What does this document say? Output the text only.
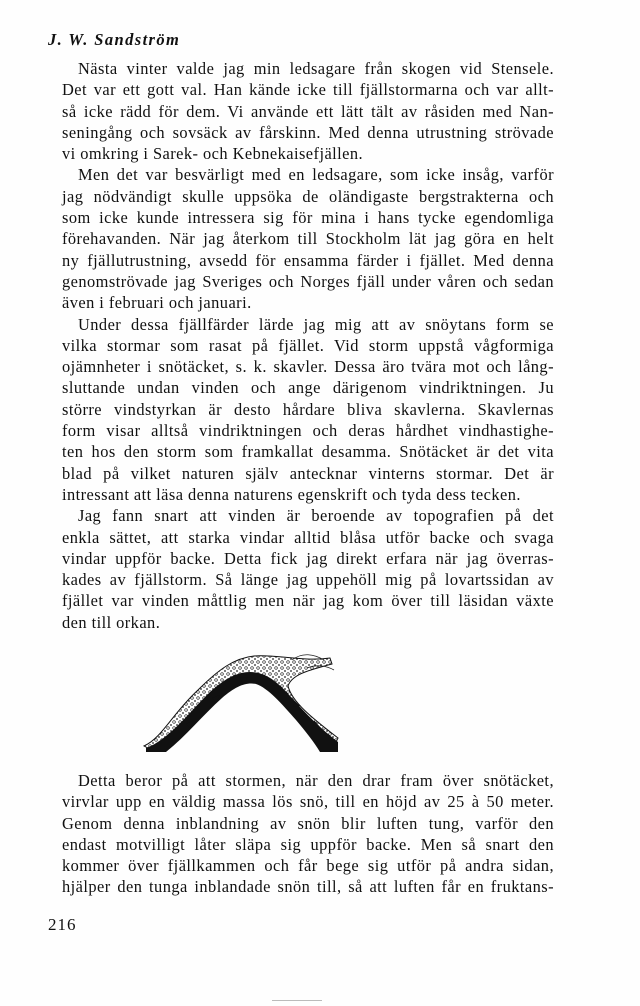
J. W. Sandström
Nästa vinter valde jag min ledsagare från skogen vid Stensele.
Det var ett gott val. Han kände icke till fjällstormarna och var allt-
så icke rädd för dem. Vi använde ett lätt tält av råsiden med Nan-
seningång och sovsäck av fårskinn. Med denna utrustning strövade
vi omkring i Sarek- och Kebnekaisefjällen.
Men det var besvärligt med en ledsagare, som icke insåg, varför
jag nödvändigt skulle uppsöka de oländigaste bergstrakterna och
som icke kunde intressera sig för mina i hans tycke egendomliga
förehavanden. När jag återkom till Stockholm lät jag göra en helt
ny fjällutrustning, avsedd för ensamma färder i fjället. Med denna
genomströvade jag Sveriges och Norges fjäll under våren och sedan
även i februari och januari.
Under dessa fjällfärder lärde jag mig att av snöytans form se
vilka stormar som rasat på fjället. Vid storm uppstå vågformiga
ojämnheter i snötäcket, s. k. skavler. Dessa äro tvära mot och lång-
sluttande undan vinden och ange därigenom vindriktningen. Ju
större vindstyrkan är desto hårdare bliva skavlerna. Skavlernas
form visar alltså vindriktningen och deras hårdhet vindhastighe-
ten hos den storm som framkallat desamma. Snötäcket är det vita
blad på vilket naturen själv antecknar vinterns stormar. Det är
intressant att läsa denna naturens egenskrift och tyda dess tecken.
Jag fann snart att vinden är beroende av topografien på det
enkla sättet, att starka vindar alltid blåsa utför backe och svaga
vindar uppför backe. Detta fick jag direkt erfara när jag överras-
kades av fjällstorm. Så länge jag uppehöll mig på lovartssidan av
fjället var vinden måttlig men när jag kom över till läsidan växte
den till orkan.
Detta beror på att stormen, när den drar fram över snötäcket,
virvlar upp en väldig massa lös snö, till en höjd av 25 à 50 meter.
Genom denna inblandning av snön blir luften tung, varför den
endast motvilligt låter släpa sig uppför backe. Men så snart den
kommer över fjällkammen och får bege sig utför på andra sidan,
hjälper den tunga inblandade snön till, så att luften får en fruktans-
216
